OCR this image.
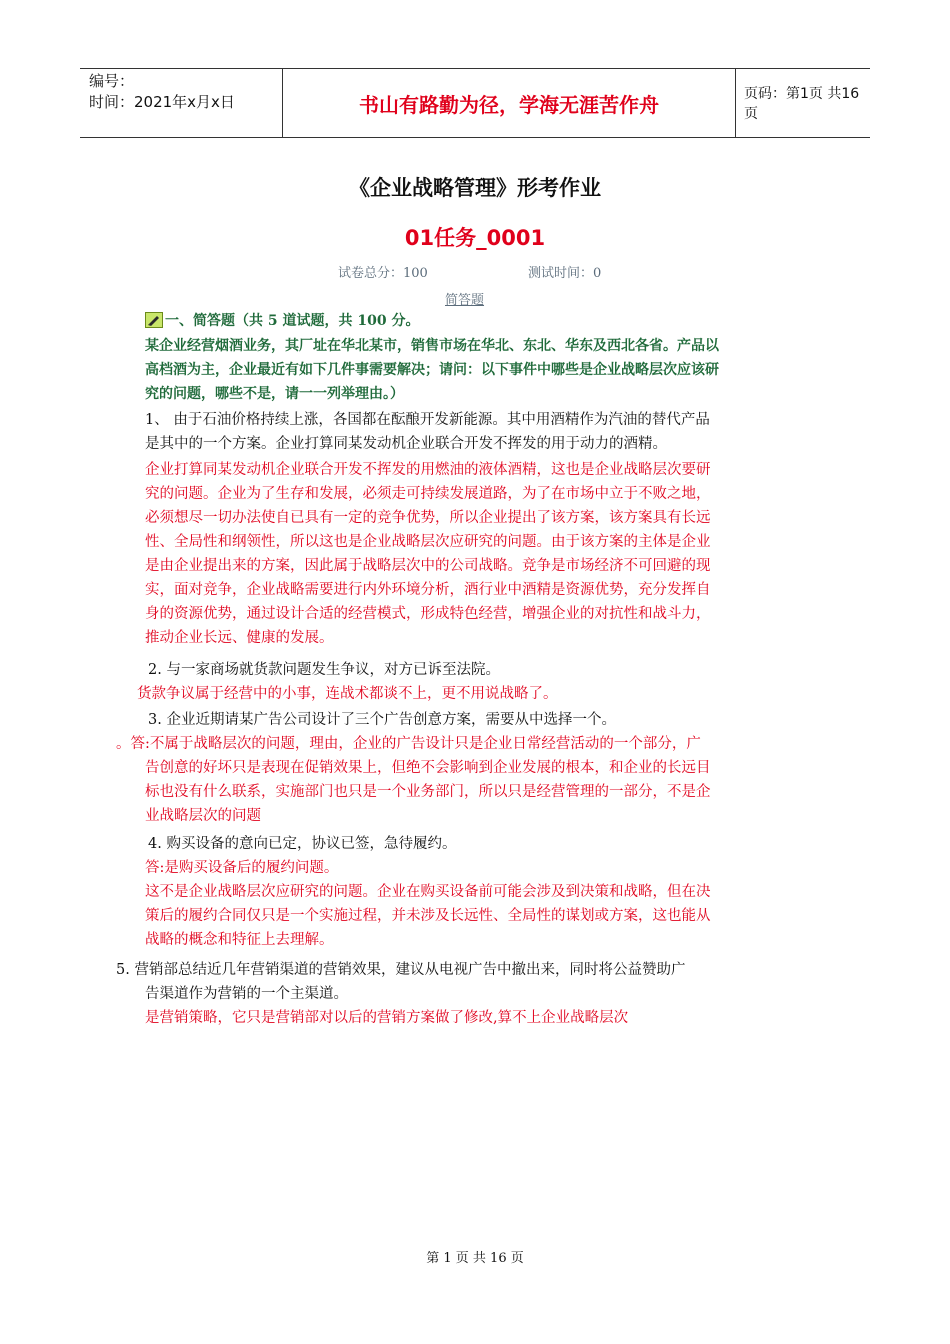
编号：
时间：2021年x月x日	书山有路勤为径，学海无涯苦作舟	页码：第1页 共16页
《企业战略管理》形考作业
01任务_0001
试卷总分：100	测试时间：0
简答题
一、简答题（共 5 道试题，共 100 分。
某企业经营烟酒业务，其厂址在华北某市，销售市场在华北、东北、华东及西北各省。产品以
高档酒为主，企业最近有如下几件事需要解决；请问：以下事件中哪些是企业战略层次应该研
究的问题，哪些不是，请一一列举理由。）
1、 由于石油价格持续上涨，各国都在酝酿开发新能源。其中用酒精作为汽油的替代产品
是其中的一个方案。企业打算同某发动机企业联合开发不挥发的用于动力的酒精。
企业打算同某发动机企业联合开发不挥发的用燃油的液体酒精，这也是企业战略层次要研
究的问题。企业为了生存和发展，必须走可持续发展道路，为了在市场中立于不败之地，
必须想尽一切办法使自已具有一定的竞争优势，所以企业提出了该方案，该方案具有长远
性、全局性和纲领性，所以这也是企业战略层次应研究的问题。由于该方案的主体是企业
是由企业提出来的方案，因此属于战略层次中的公司战略。竞争是市场经济不可回避的现
实，面对竞争，企业战略需要进行内外环境分析，酒行业中酒精是资源优势，充分发挥自
身的资源优势，通过设计合适的经营模式，形成特色经营，增强企业的对抗性和战斗力，
推动企业长远、健康的发展。
2. 与一家商场就货款问题发生争议，对方已诉至法院。
货款争议属于经营中的小事，连战术都谈不上，更不用说战略了。
3. 企业近期请某广告公司设计了三个广告创意方案，需要从中选择一个。
。答:不属于战略层次的问题，理由，企业的广告设计只是企业日常经营活动的一个部分，广
告创意的好坏只是表现在促销效果上，但绝不会影响到企业发展的根本，和企业的长远目
标也没有什么联系，实施部门也只是一个业务部门，所以只是经营管理的一部分，不是企
业战略层次的问题
4. 购买设备的意向已定，协议已签，急待履约。
答:是购买设备后的履约问题。
这不是企业战略层次应研究的问题。企业在购买设备前可能会涉及到决策和战略，但在决
策后的履约合同仅只是一个实施过程，并未涉及长远性、全局性的谋划或方案，这也能从
战略的概念和特征上去理解。
5. 营销部总结近几年营销渠道的营销效果，建议从电视广告中撤出来，同时将公益赞助广
告渠道作为营销的一个主渠道。
是营销策略，它只是营销部对以后的营销方案做了修改,算不上企业战略层次
第 1 页 共 16 页
